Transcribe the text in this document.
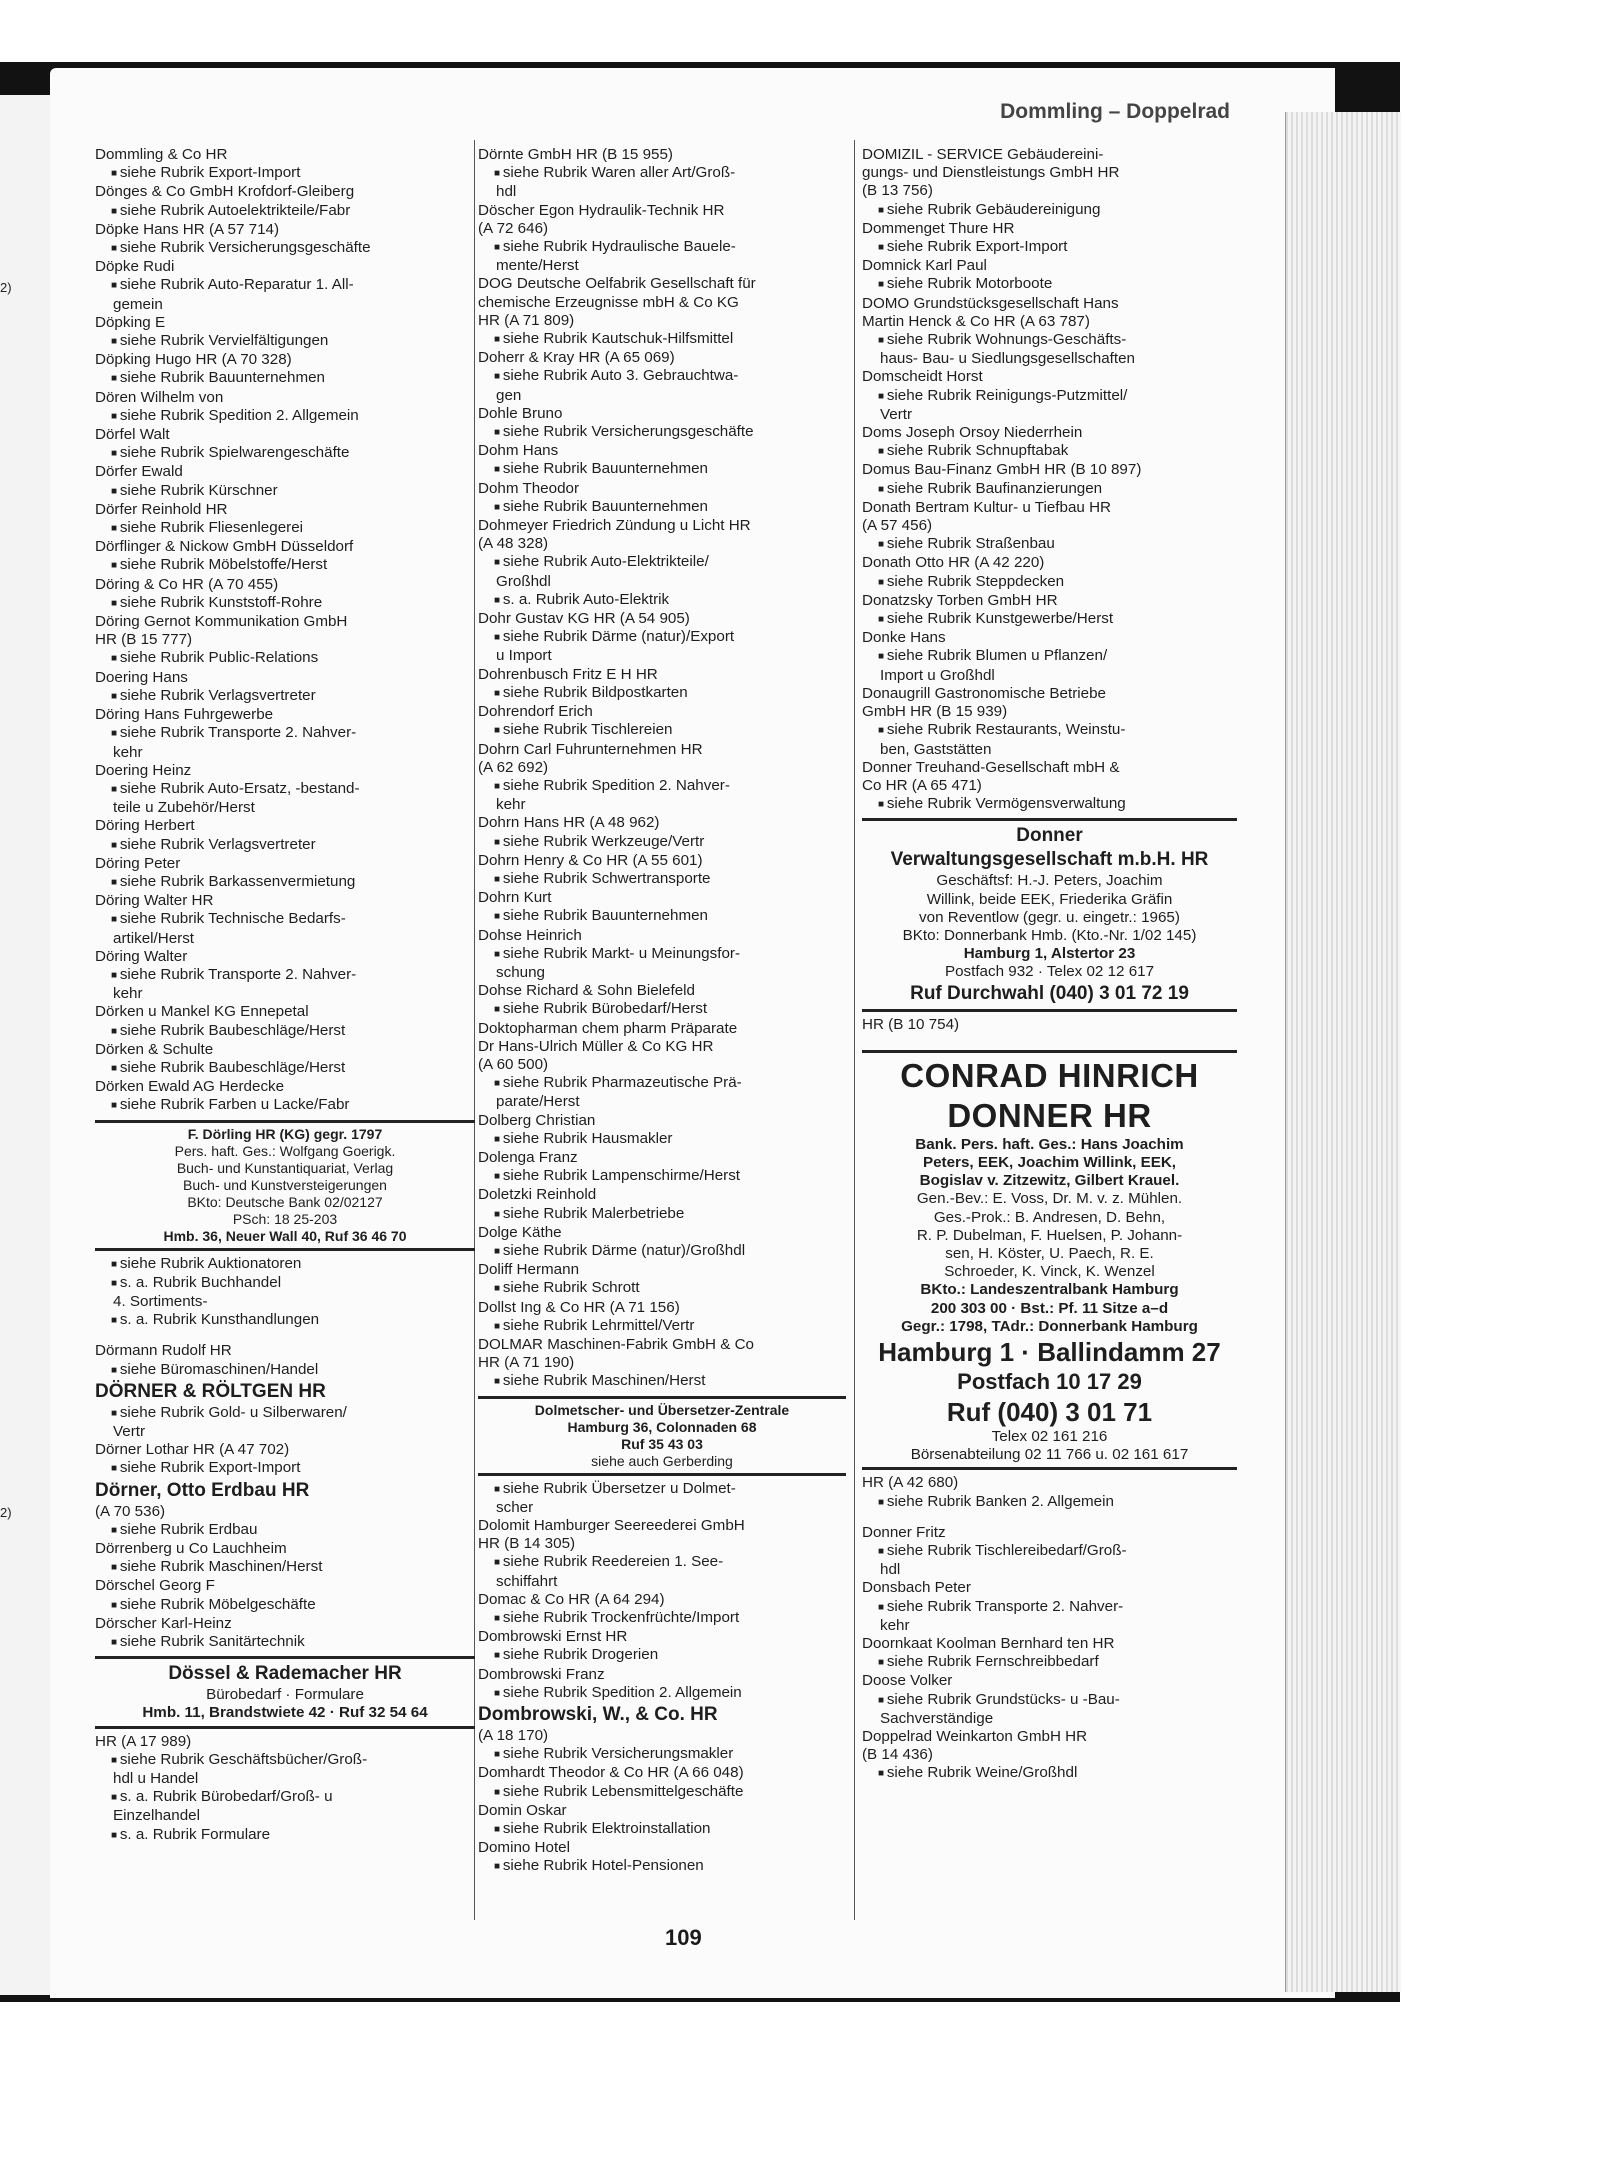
2)
2)
Dommling – Doppelrad
Dommling & Co HR
■ siehe Rubrik Export-Import
Dönges & Co GmbH Krofdorf-Gleiberg
■ siehe Rubrik Autoelektrikteile/Fabr
Döpke Hans HR (A 57 714)
■ siehe Rubrik Versicherungsgeschäfte
Döpke Rudi
■ siehe Rubrik Auto-Reparatur 1. All-
gemein
Döpking E
■ siehe Rubrik Vervielfältigungen
Döpking Hugo HR (A 70 328)
■ siehe Rubrik Bauunternehmen
Dören Wilhelm von
■ siehe Rubrik Spedition 2. Allgemein
Dörfel Walt
■ siehe Rubrik Spielwarengeschäfte
Dörfer Ewald
■ siehe Rubrik Kürschner
Dörfer Reinhold HR
■ siehe Rubrik Fliesenlegerei
Dörflinger & Nickow GmbH Düsseldorf
■ siehe Rubrik Möbelstoffe/Herst
Döring & Co HR (A 70 455)
■ siehe Rubrik Kunststoff-Rohre
Döring Gernot Kommunikation GmbH
HR (B 15 777)
■ siehe Rubrik Public-Relations
Doering Hans
■ siehe Rubrik Verlagsvertreter
Döring Hans Fuhrgewerbe
■ siehe Rubrik Transporte 2. Nahver-
kehr
Doering Heinz
■ siehe Rubrik Auto-Ersatz, -bestand-
teile u Zubehör/Herst
Döring Herbert
■ siehe Rubrik Verlagsvertreter
Döring Peter
■ siehe Rubrik Barkassenvermietung
Döring Walter HR
■ siehe Rubrik Technische Bedarfs-
artikel/Herst
Döring Walter
■ siehe Rubrik Transporte 2. Nahver-
kehr
Dörken u Mankel KG Ennepetal
■ siehe Rubrik Baubeschläge/Herst
Dörken & Schulte
■ siehe Rubrik Baubeschläge/Herst
Dörken Ewald AG Herdecke
■ siehe Rubrik Farben u Lacke/Fabr
F. Dörling HR (KG) gegr. 1797
Pers. haft. Ges.: Wolfgang Goerigk.
Buch- und Kunstantiquariat, Verlag
Buch- und Kunstversteigerungen
BKto: Deutsche Bank 02/02127
PSch: 18 25-203
Hmb. 36, Neuer Wall 40, Ruf 36 46 70
■ siehe Rubrik Auktionatoren
■ s. a. Rubrik Buchhandel
4. Sortiments-
■ s. a. Rubrik Kunsthandlungen
Dörmann Rudolf HR
■ siehe Büromaschinen/Handel
DÖRNER & RÖLTGEN HR
■ siehe Rubrik Gold- u Silberwaren/
Vertr
Dörner Lothar HR (A 47 702)
■ siehe Rubrik Export-Import
Dörner, Otto Erdbau HR
(A 70 536)
■ siehe Rubrik Erdbau
Dörrenberg u Co Lauchheim
■ siehe Rubrik Maschinen/Herst
Dörschel Georg F
■ siehe Rubrik Möbelgeschäfte
Dörscher Karl-Heinz
■ siehe Rubrik Sanitärtechnik
Dössel & Rademacher HR
Bürobedarf · Formulare
Hmb. 11, Brandstwiete 42 · Ruf 32 54 64
HR (A 17 989)
■ siehe Rubrik Geschäftsbücher/Groß-
hdl u Handel
■ s. a. Rubrik Bürobedarf/Groß- u
Einzelhandel
■ s. a. Rubrik Formulare
Dörnte GmbH HR (B 15 955)
■ siehe Rubrik Waren aller Art/Groß-
hdl
Döscher Egon Hydraulik-Technik HR
(A 72 646)
■ siehe Rubrik Hydraulische Bauele-
mente/Herst
DOG Deutsche Oelfabrik Gesellschaft für
chemische Erzeugnisse mbH & Co KG
HR (A 71 809)
■ siehe Rubrik Kautschuk-Hilfsmittel
Doherr & Kray HR (A 65 069)
■ siehe Rubrik Auto 3. Gebrauchtwa-
gen
Dohle Bruno
■ siehe Rubrik Versicherungsgeschäfte
Dohm Hans
■ siehe Rubrik Bauunternehmen
Dohm Theodor
■ siehe Rubrik Bauunternehmen
Dohmeyer Friedrich Zündung u Licht HR
(A 48 328)
■ siehe Rubrik Auto-Elektrikteile/
Großhdl
■ s. a. Rubrik Auto-Elektrik
Dohr Gustav KG HR (A 54 905)
■ siehe Rubrik Därme (natur)/Export
u Import
Dohrenbusch Fritz E H HR
■ siehe Rubrik Bildpostkarten
Dohrendorf Erich
■ siehe Rubrik Tischlereien
Dohrn Carl Fuhrunternehmen HR
(A 62 692)
■ siehe Rubrik Spedition 2. Nahver-
kehr
Dohrn Hans HR (A 48 962)
■ siehe Rubrik Werkzeuge/Vertr
Dohrn Henry & Co HR (A 55 601)
■ siehe Rubrik Schwertransporte
Dohrn Kurt
■ siehe Rubrik Bauunternehmen
Dohse Heinrich
■ siehe Rubrik Markt- u Meinungsfor-
schung
Dohse Richard & Sohn Bielefeld
■ siehe Rubrik Bürobedarf/Herst
Doktopharman chem pharm Präparate
Dr Hans-Ulrich Müller & Co KG HR
(A 60 500)
■ siehe Rubrik Pharmazeutische Prä-
parate/Herst
Dolberg Christian
■ siehe Rubrik Hausmakler
Dolenga Franz
■ siehe Rubrik Lampenschirme/Herst
Doletzki Reinhold
■ siehe Rubrik Malerbetriebe
Dolge Käthe
■ siehe Rubrik Därme (natur)/Großhdl
Doliff Hermann
■ siehe Rubrik Schrott
Dollst Ing & Co HR (A 71 156)
■ siehe Rubrik Lehrmittel/Vertr
DOLMAR Maschinen-Fabrik GmbH & Co
HR (A 71 190)
■ siehe Rubrik Maschinen/Herst
Dolmetscher- und Übersetzer-Zentrale
Hamburg 36, Colonnaden 68
Ruf 35 43 03
siehe auch Gerberding
■ siehe Rubrik Übersetzer u Dolmet-
scher
Dolomit Hamburger Seereederei GmbH
HR (B 14 305)
■ siehe Rubrik Reedereien 1. See-
schiffahrt
Domac & Co HR (A 64 294)
■ siehe Rubrik Trockenfrüchte/Import
Dombrowski Ernst HR
■ siehe Rubrik Drogerien
Dombrowski Franz
■ siehe Rubrik Spedition 2. Allgemein
Dombrowski, W., & Co. HR
(A 18 170)
■ siehe Rubrik Versicherungsmakler
Domhardt Theodor & Co HR (A 66 048)
■ siehe Rubrik Lebensmittelgeschäfte
Domin Oskar
■ siehe Rubrik Elektroinstallation
Domino Hotel
■ siehe Rubrik Hotel-Pensionen
DOMIZIL - SERVICE Gebäudereini-
gungs- und Dienstleistungs GmbH HR
(B 13 756)
■ siehe Rubrik Gebäudereinigung
Dommenget Thure HR
■ siehe Rubrik Export-Import
Domnick Karl Paul
■ siehe Rubrik Motorboote
DOMO Grundstücksgesellschaft Hans
Martin Henck & Co HR (A 63 787)
■ siehe Rubrik Wohnungs-Geschäfts-
haus- Bau- u Siedlungsgesellschaften
Domscheidt Horst
■ siehe Rubrik Reinigungs-Putzmittel/
Vertr
Doms Joseph Orsoy Niederrhein
■ siehe Rubrik Schnupftabak
Domus Bau-Finanz GmbH HR (B 10 897)
■ siehe Rubrik Baufinanzierungen
Donath Bertram Kultur- u Tiefbau HR
(A 57 456)
■ siehe Rubrik Straßenbau
Donath Otto HR (A 42 220)
■ siehe Rubrik Steppdecken
Donatzsky Torben GmbH HR
■ siehe Rubrik Kunstgewerbe/Herst
Donke Hans
■ siehe Rubrik Blumen u Pflanzen/
Import u Großhdl
Donaugrill Gastronomische Betriebe
GmbH HR (B 15 939)
■ siehe Rubrik Restaurants, Weinstu-
ben, Gaststätten
Donner Treuhand-Gesellschaft mbH &
Co HR (A 65 471)
■ siehe Rubrik Vermögensverwaltung
Donner
Verwaltungsgesellschaft m.b.H. HR
Geschäftsf: H.-J. Peters, Joachim
Willink, beide EEK, Friederika Gräfin
von Reventlow (gegr. u. eingetr.: 1965)
BKto: Donnerbank Hmb. (Kto.-Nr. 1/02 145)
Hamburg 1, Alstertor 23
Postfach 932 · Telex 02 12 617
Ruf Durchwahl (040) 3 01 72 19
HR (B 10 754)
CONRAD HINRICH
DONNER HR
Bank. Pers. haft. Ges.: Hans Joachim
Peters, EEK, Joachim Willink, EEK,
Bogislav v. Zitzewitz, Gilbert Krauel.
Gen.-Bev.: E. Voss, Dr. M. v. z. Mühlen.
Ges.-Prok.: B. Andresen, D. Behn,
R. P. Dubelman, F. Huelsen, P. Johann-
sen, H. Köster, U. Paech, R. E.
Schroeder, K. Vinck, K. Wenzel
BKto.: Landeszentralbank Hamburg
200 303 00 · Bst.: Pf. 11 Sitze a–d
Gegr.: 1798, TAdr.: Donnerbank Hamburg
Hamburg 1 · Ballindamm 27
Postfach 10 17 29
Ruf (040) 3 01 71
Telex 02 161 216
Börsenabteilung 02 11 766 u. 02 161 617
HR (A 42 680)
■ siehe Rubrik Banken 2. Allgemein
Donner Fritz
■ siehe Rubrik Tischlereibedarf/Groß-
hdl
Donsbach Peter
■ siehe Rubrik Transporte 2. Nahver-
kehr
Doornkaat Koolman Bernhard ten HR
■ siehe Rubrik Fernschreibbedarf
Doose Volker
■ siehe Rubrik Grundstücks- u -Bau-
Sachverständige
Doppelrad Weinkarton GmbH HR
(B 14 436)
■ siehe Rubrik Weine/Großhdl
109
